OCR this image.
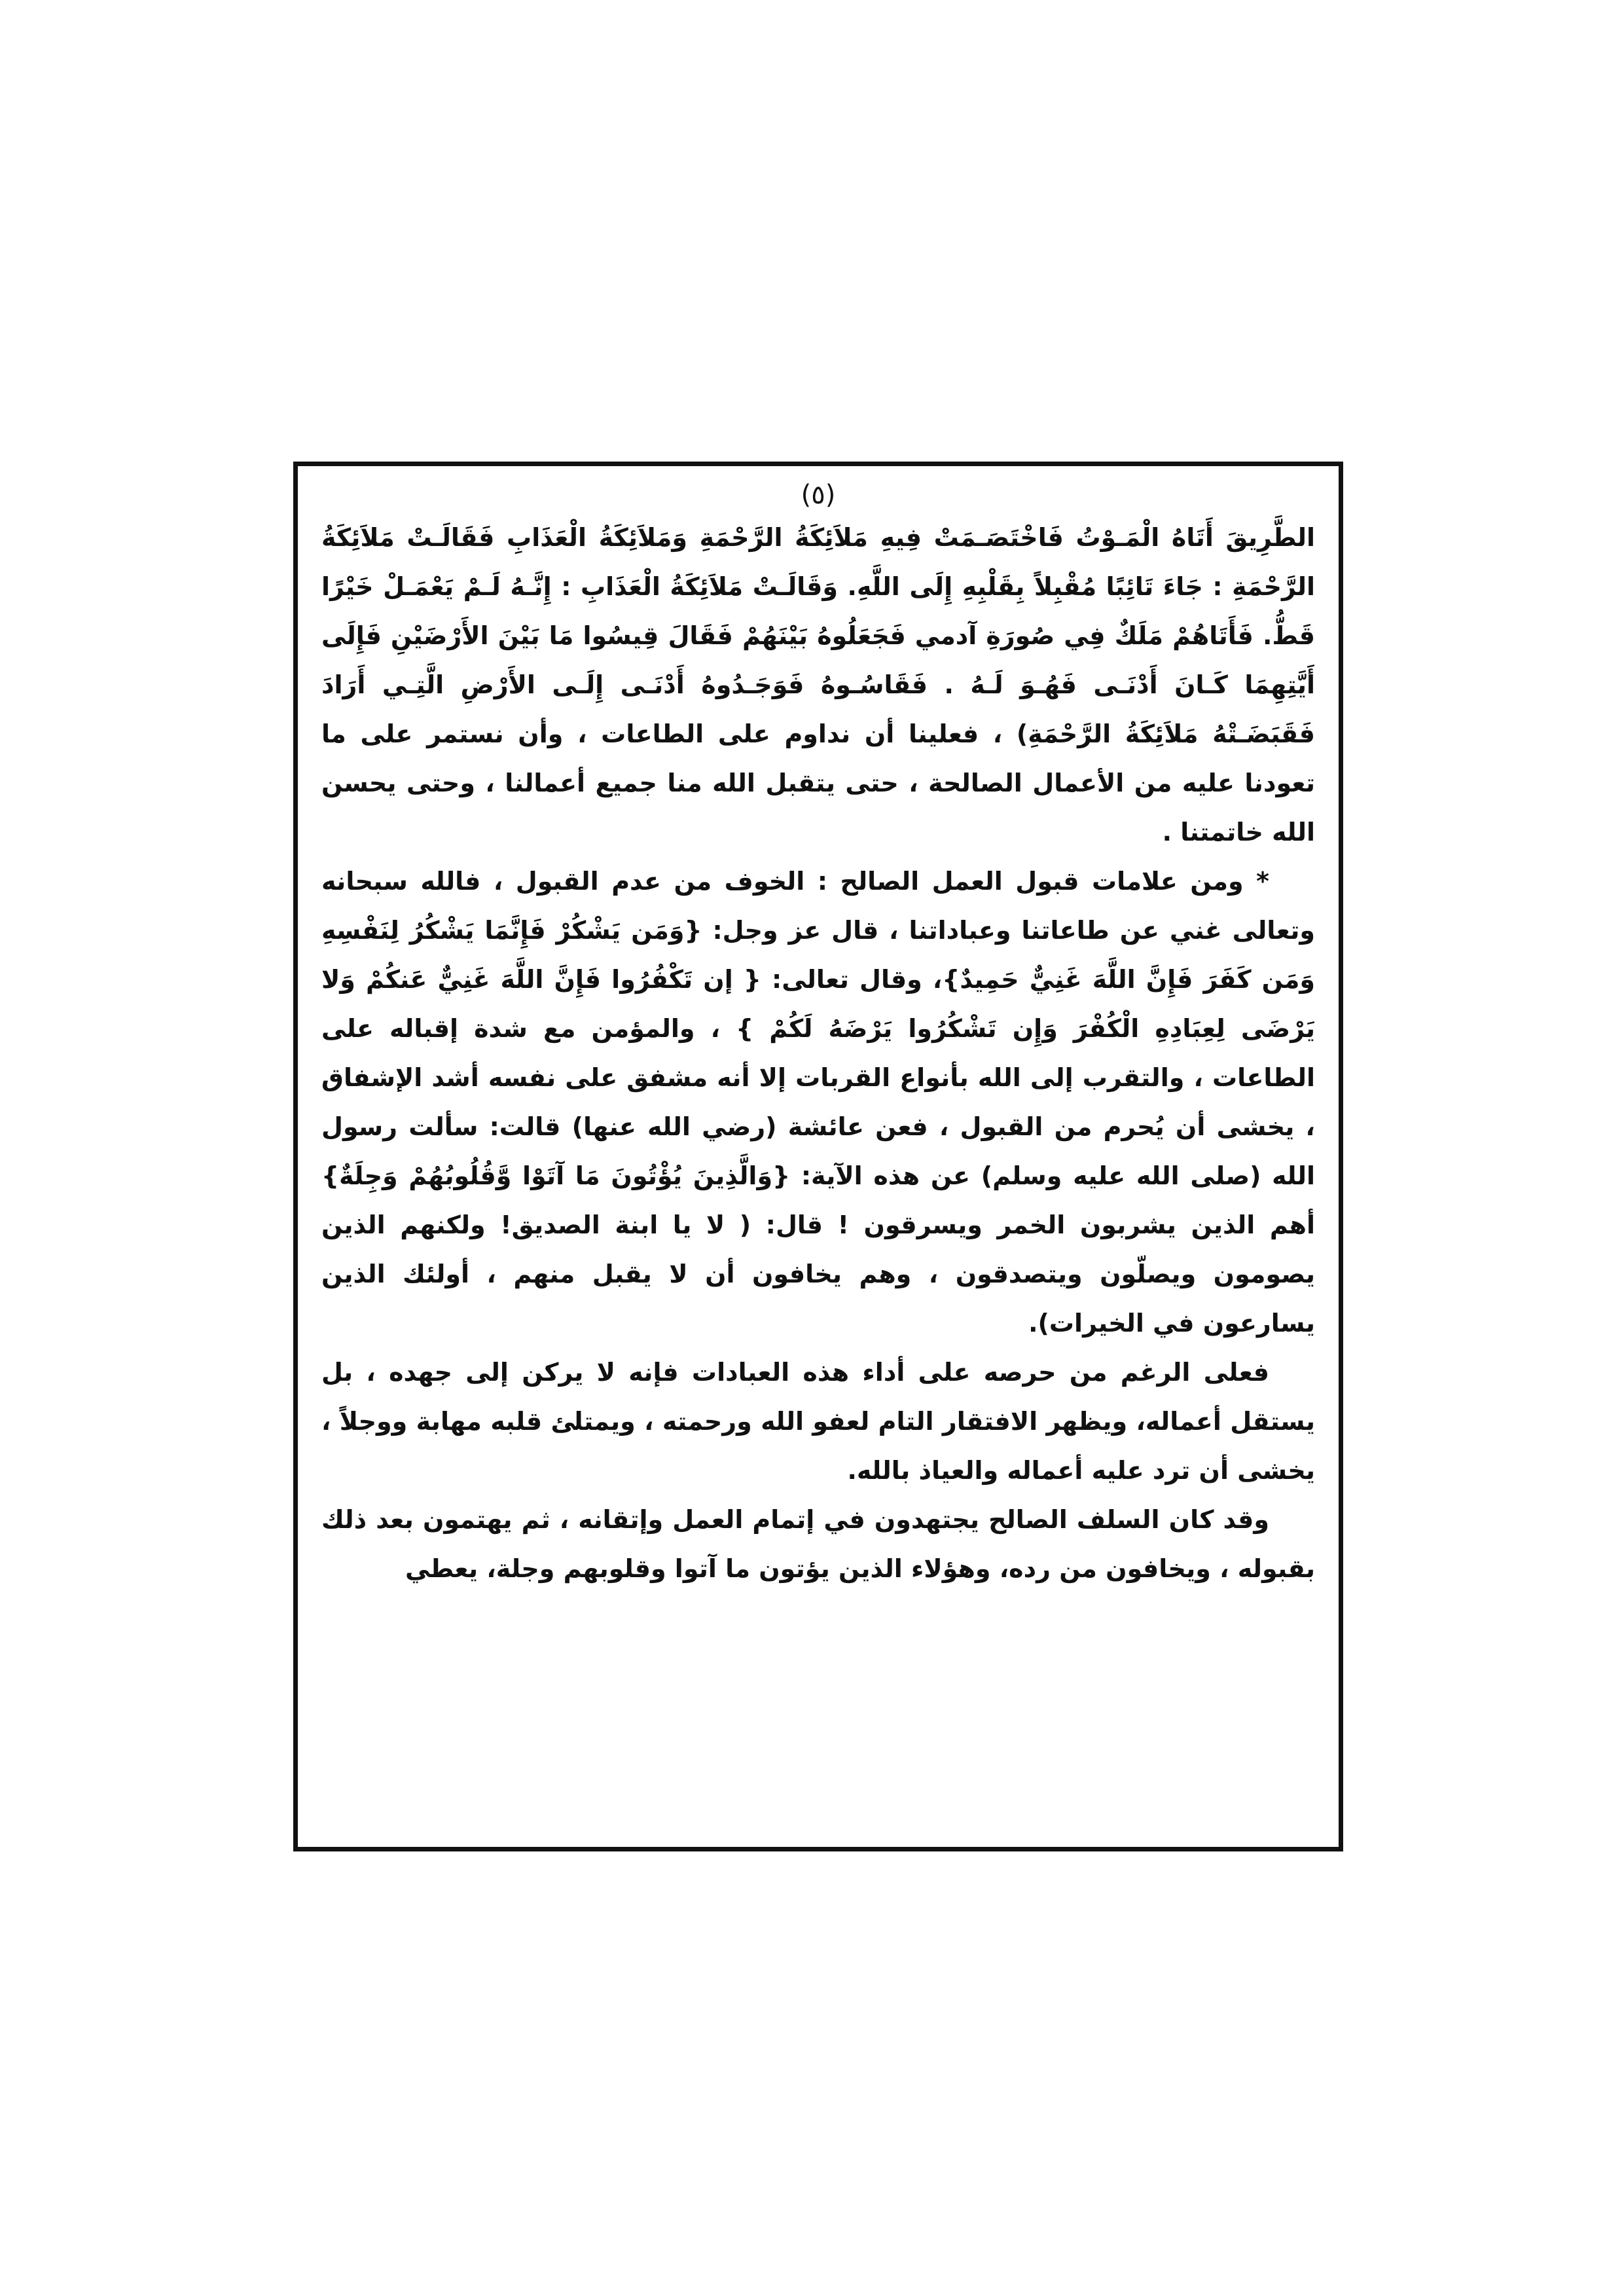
(٥)

الطَّرِيقَ أَتَاهُ الْمَـوْتُ فَاخْتَصَـمَتْ فِيهِ مَلاَئِكَةُ الرَّحْمَةِ وَمَلاَئِكَةُ الْعَذَابِ فَقَالَـتْ مَلاَئِكَةُ الرَّحْمَةِ : جَاءَ تَائِبًا مُقْبِلاً بِقَلْبِهِ إِلَى اللَّهِ. وَقَالَـتْ مَلاَئِكَةُ الْعَذَابِ : إِنَّـهُ لَـمْ يَعْمَـلْ خَيْرًا قَطُّ. فَأَتَاهُمْ مَلَكٌ فِي صُورَةِ آدمي فَجَعَلُوهُ بَيْنَهُمْ فَقَالَ قِيسُوا مَا بَيْنَ الأَرْضَيْنِ فَإِلَى أَيَّتِهِمَا كَـانَ أَدْنَـى فَهُـوَ لَـهُ . فَقَاسُـوهُ فَوَجَـدُوهُ أَدْنَـى إِلَـى الأَرْضِ الَّتِـي أَرَادَ فَقَبَضَـتْهُ مَلاَئِكَةُ الرَّحْمَةِ) ، فعلينا أن نداوم على الطاعات ، وأن نستمر على ما تعودنا عليه من الأعمال الصالحة ، حتى يتقبل الله منا جميع أعمالنا ، وحتى يحسن الله خاتمتنا .

* ومن علامات قبول العمل الصالح : الخوف من عدم القبول ، فالله سبحانه وتعالى غني عن طاعاتنا وعباداتنا ، قال عز وجل: {وَمَن يَشْكُرْ فَإِنَّمَا يَشْكُرُ لِنَفْسِهِ وَمَن كَفَرَ فَإِنَّ اللَّهَ غَنِيٌّ حَمِيدٌ}، وقال تعالى: { إن تَكْفُرُوا فَإِنَّ اللَّهَ غَنِيٌّ عَنكُمْ وَلا يَرْضَى لِعِبَادِهِ الْكُفْرَ وَإِن تَشْكُرُوا يَرْضَهُ لَكُمْ } ، والمؤمن مع شدة إقباله على الطاعات ، والتقرب إلى الله بأنواع القربات إلا أنه مشفق على نفسه أشد الإشفاق ، يخشى أن يُحرم من القبول ، فعن عائشة (رضي الله عنها) قالت: سألت رسول الله (صلى الله عليه وسلم) عن هذه الآية: {وَالَّذِينَ يُؤْتُونَ مَا آتَوْا وَّقُلُوبُهُمْ وَجِلَةٌ}أهم الذين يشربون الخمر ويسرقون ! قال: ( لا يا ابنة الصديق! ولكنهم الذين يصومون ويصلّون ويتصدقون ، وهم يخافون أن لا يقبل منهم ، أولئك الذين يسارعون في الخيرات).

فعلى الرغم من حرصه على أداء هذه العبادات فإنه لا يركن إلى جهده ، بل يستقل أعماله، ويظهر الافتقار التام لعفو الله ورحمته ، ويمتلئ قلبه مهابة ووجلاً ، يخشى أن ترد عليه أعماله والعياذ بالله.

وقد كان السلف الصالح يجتهدون في إتمام العمل وإتقانه ، ثم يهتمون بعد ذلك بقبوله ، ويخافون من رده، وهؤلاء الذين يؤتون ما آتوا وقلوبهم وجلة، يعطي
